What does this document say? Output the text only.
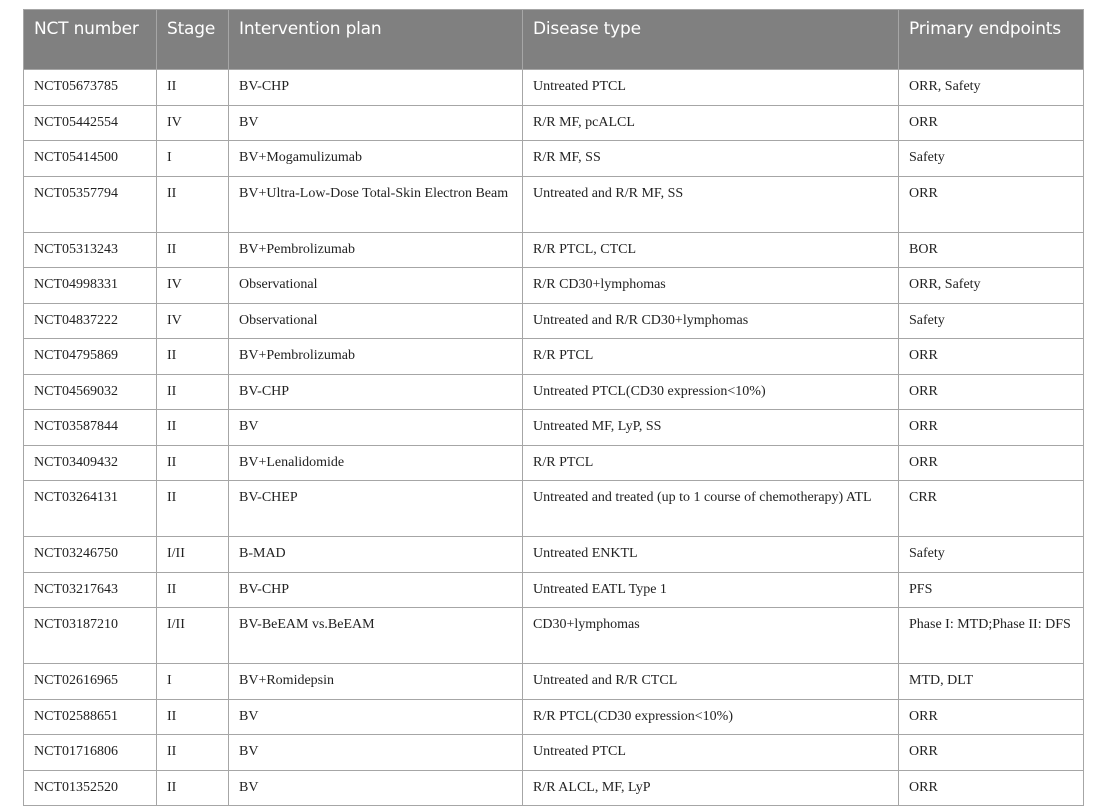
NCT number	Stage	Intervention plan	Disease type	Primary endpoints
NCT05673785	II	BV-CHP	Untreated PTCL	ORR, Safety
NCT05442554	IV	BV	R/R MF, pcALCL	ORR
NCT05414500	I	BV+Mogamulizumab	R/R MF, SS	Safety
NCT05357794	II	BV+Ultra-Low-Dose Total-Skin Electron Beam	Untreated and R/R MF, SS	ORR
NCT05313243	II	BV+Pembrolizumab	R/R PTCL, CTCL	BOR
NCT04998331	IV	Observational	R/R CD30+lymphomas	ORR, Safety
NCT04837222	IV	Observational	Untreated and R/R CD30+lymphomas	Safety
NCT04795869	II	BV+Pembrolizumab	R/R PTCL	ORR
NCT04569032	II	BV-CHP	Untreated PTCL(CD30 expression<10%)	ORR
NCT03587844	II	BV	Untreated MF, LyP, SS	ORR
NCT03409432	II	BV+Lenalidomide	R/R PTCL	ORR
NCT03264131	II	BV-CHEP	Untreated and treated (up to 1 course of chemotherapy) ATL	CRR
NCT03246750	I/II	B-MAD	Untreated ENKTL	Safety
NCT03217643	II	BV-CHP	Untreated EATL Type 1	PFS
NCT03187210	I/II	BV-BeEAM vs.BeEAM	CD30+lymphomas	Phase I: MTD;Phase II: DFS
NCT02616965	I	BV+Romidepsin	Untreated and R/R CTCL	MTD, DLT
NCT02588651	II	BV	R/R PTCL(CD30 expression<10%)	ORR
NCT01716806	II	BV	Untreated PTCL	ORR
NCT01352520	II	BV	R/R ALCL, MF, LyP	ORR
